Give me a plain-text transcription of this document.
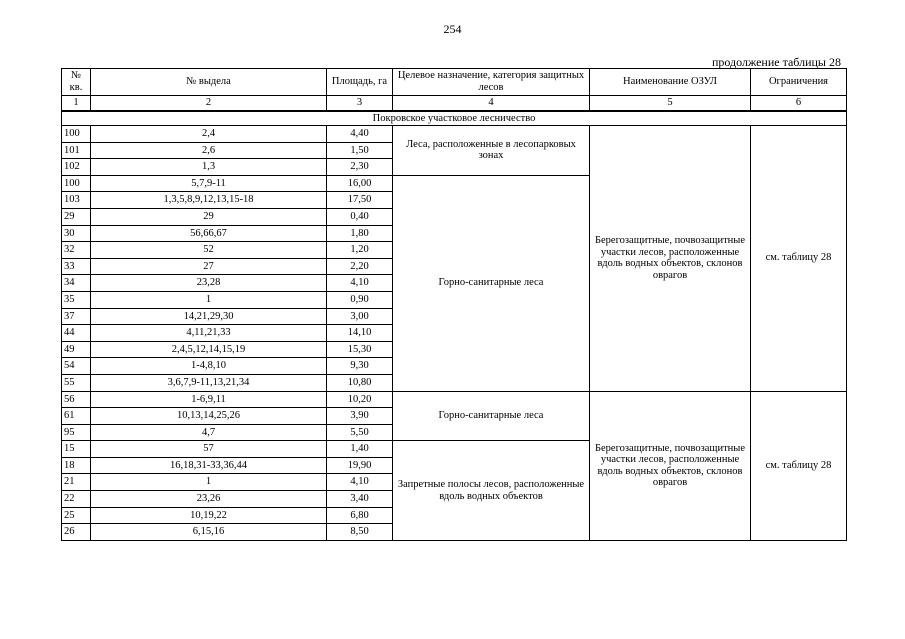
254
продолжение таблицы 28
№ кв.	№ выдела	Площадь, га	Целевое назначение, категория защитных лесов	Наименование ОЗУЛ	Ограничения
1	2	3	4	5	6
Покровское участковое лесничество					
100	2,4	4,40	Леса, расположенные в лесопарковых зонах	Берегозащитные, почвозащитные участки лесов, расположенные вдоль водных объектов, склонов оврагов	см. таблицу 28
101	2,6	1,50			
102	1,3	2,30			
100	5,7,9-11	16,00	Горно-санитарные леса		
103	1,3,5,8,9,12,13,15-18	17,50			
29	29	0,40			
30	56,66,67	1,80			
32	52	1,20			
33	27	2,20			
34	23,28	4,10			
35	1	0,90			
37	14,21,29,30	3,00			
44	4,11,21,33	14,10			
49	2,4,5,12,14,15,19	15,30			
54	1-4,8,10	9,30			
55	3,6,7,9-11,13,21,34	10,80			
56	1-6,9,11	10,20	Горно-санитарные леса	Берегозащитные, почвозащитные участки лесов, расположенные вдоль водных объектов, склонов оврагов	см. таблицу 28
61	10,13,14,25,26	3,90			
95	4,7	5,50			
15	57	1,40	Запретные полосы лесов, расположенные вдоль водных объектов		
18	16,18,31-33,36,44	19,90			
21	1	4,10			
22	23,26	3,40			
25	10,19,22	6,80			
26	6,15,16	8,50			
